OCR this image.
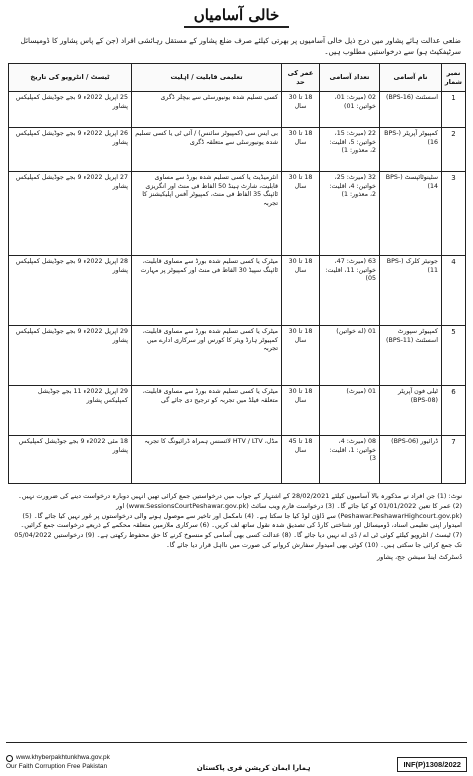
خالی آسامیاں

ضلعی عدالت ہائے پشاور میں درج ذیل خالی آسامیوں پر بھرتی کیلئے صرف ضلع پشاور کے مستقل رہائشی افراد (جن کے پاس پشاور کا ڈومیسائل سرٹیفکیٹ ہو) سے درخواستیں مطلوب ہیں۔

نمبر شمار	نام آسامی	تعداد آسامی	عمر کی حد	تعلیمی قابلیت / اہلیت	ٹیسٹ / انٹرویو کی تاریخ
1	اسسٹنٹ (BPS-16)	02 (میرٹ: 01، خواتین: 01)	18 تا 30 سال	کسی تسلیم شدہ یونیورسٹی سے بیچلر ڈگری	25 اپریل 2022ء 9 بجے جوڈیشل کمپلیکس پشاور
2	کمپیوٹر آپریٹر (BPS-16)	22 (میرٹ: 15، خواتین: 5، اقلیت: 2، معذور: 1)	18 تا 30 سال	بی ایس سی (کمپیوٹر سائنس) / آئی ٹی یا کسی تسلیم شدہ یونیورسٹی سے متعلقہ ڈگری	26 اپریل 2022ء 9 بجے جوڈیشل کمپلیکس پشاور
3	سٹینوٹائپسٹ (BPS-14)	32 (میرٹ: 25، خواتین: 4، اقلیت: 2، معذور: 1)	18 تا 30 سال	انٹرمیڈیٹ یا کسی تسلیم شدہ بورڈ سے مساوی قابلیت، شارٹ ہینڈ 50 الفاظ فی منٹ اور انگریزی ٹائپنگ 35 الفاظ فی منٹ، کمپیوٹر آفس اپلیکیشنز کا تجربہ	27 اپریل 2022ء 9 بجے جوڈیشل کمپلیکس پشاور
4	جونیئر کلرک (BPS-11)	63 (میرٹ: 47، خواتین: 11، اقلیت: 05)	18 تا 30 سال	میٹرک یا کسی تسلیم شدہ بورڈ سے مساوی قابلیت، ٹائپنگ سپیڈ 30 الفاظ فی منٹ اور کمپیوٹر پر مہارت	28 اپریل 2022ء 9 بجے جوڈیشل کمپلیکس پشاور
5	کمپیوٹر سپورٹ اسسٹنٹ (BPS-11)	01 (اے خواتین)	18 تا 30 سال	میٹرک یا کسی تسلیم شدہ بورڈ سے مساوی قابلیت، کمپیوٹر ہارڈ ویئر کا کورس اور سرکاری ادارے میں تجربہ	29 اپریل 2022ء 9 بجے جوڈیشل کمپلیکس پشاور
6	ٹیلی فون آپریٹر (BPS-08)	01 (میرٹ)	18 تا 30 سال	میٹرک یا کسی تسلیم شدہ بورڈ سے مساوی قابلیت، متعلقہ فیلڈ میں تجربہ کو ترجیح دی جائے گی	29 اپریل 2022ء 11 بجے جوڈیشل کمپلیکس پشاور
7	ڈرائیور (BPS-06)	08 (میرٹ: 4، خواتین: 1، اقلیت: 3)	18 تا 45 سال	مڈل، HTV / LTV لائسنس ہمراہ ڈرائیونگ کا تجربہ	18 مئی 2022ء 9 بجے جوڈیشل کمپلیکس پشاور

نوٹ: (1) جن افراد نے مذکورہ بالا آسامیوں کیلئے 28/02/2021 کے اشتہار کے جواب میں درخواستیں جمع کرائی تھیں انہیں دوبارہ درخواست دینے کی ضرورت نہیں۔ (2) عمر کا تعین 01/01/2022 کو کیا جائے گا۔ (3) درخواست فارم ویب سائٹ (www.SessionsCourtPeshawar.gov.pk) اور (Peshawar.PeshawarHighcourt.gov.pk) سے ڈاؤن لوڈ کیا جا سکتا ہے۔ (4) نامکمل اور تاخیر سے موصول ہونے والی درخواستوں پر غور نہیں کیا جائے گا۔ (5) امیدوار اپنی تعلیمی اسناد، ڈومیسائل اور شناختی کارڈ کی تصدیق شدہ نقول ساتھ لف کریں۔ (6) سرکاری ملازمین متعلقہ محکمے کے ذریعے درخواست جمع کرائیں۔ (7) ٹیسٹ / انٹرویو کیلئے کوئی ٹی اے / ڈی اے نہیں دیا جائے گا۔ (8) عدالت کسی بھی آسامی کو منسوخ کرنے کا حق محفوظ رکھتی ہے۔ (9) درخواستیں 05/04/2022 تک جمع کرائی جا سکتی ہیں۔ (10) کوئی بھی امیدوار سفارش کروانے کی صورت میں نااہل قرار دیا جائے گا۔

ڈسٹرکٹ اینڈ سیشن جج، پشاور

www.khyberpakhtunkhwa.gov.pk
Our Faith Corruption Free Pakistan	ہمارا ایمان کرپشن فری پاکستان	INF(P)1308/2022
